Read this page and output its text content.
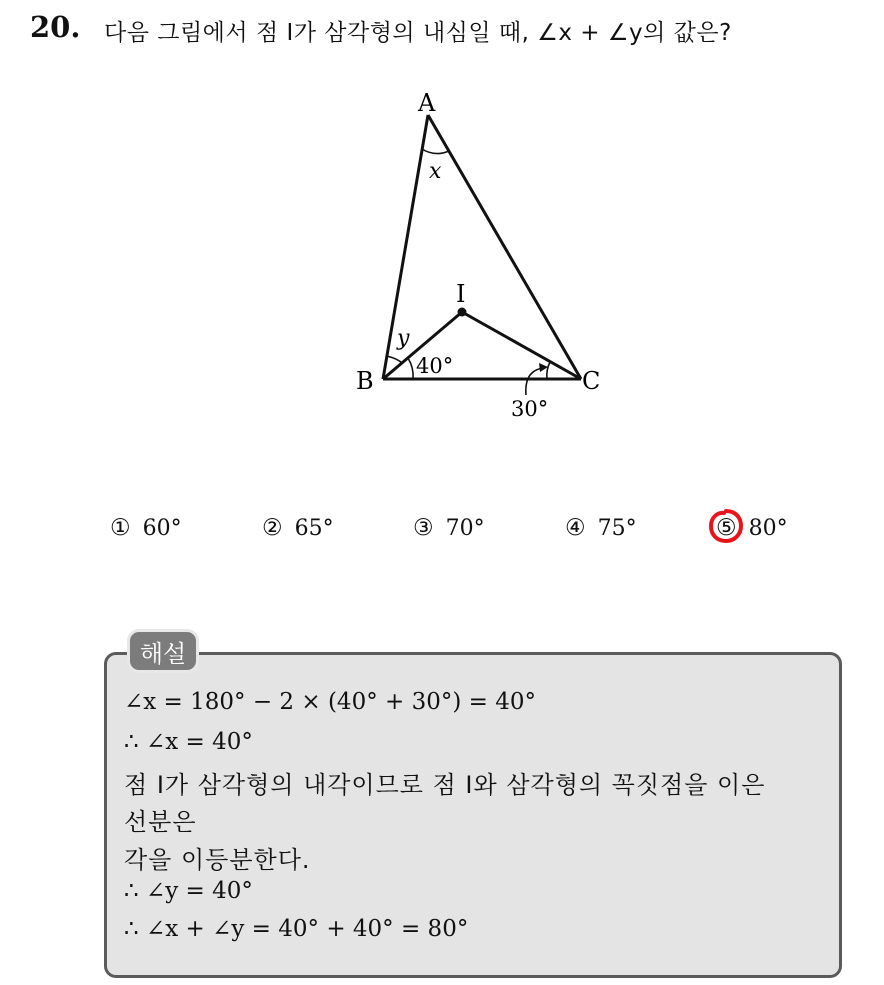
20. 다음 그림에서 점 I가 삼각형의 내심일 때, ∠x + ∠y의 값은?
A
B	C
I
x
y
40°
30°
① 60°	② 65°	③ 70°	④ 75°	⑤ 80°
해설
∠x = 180° − 2 × (40° + 30°) = 40°
∴ ∠x = 40°
점 I가 삼각형의 내각이므로 점 I와 삼각형의 꼭짓점을 이은
선분은
각을 이등분한다.
∴ ∠y = 40°
∴ ∠x + ∠y = 40° + 40° = 80°
